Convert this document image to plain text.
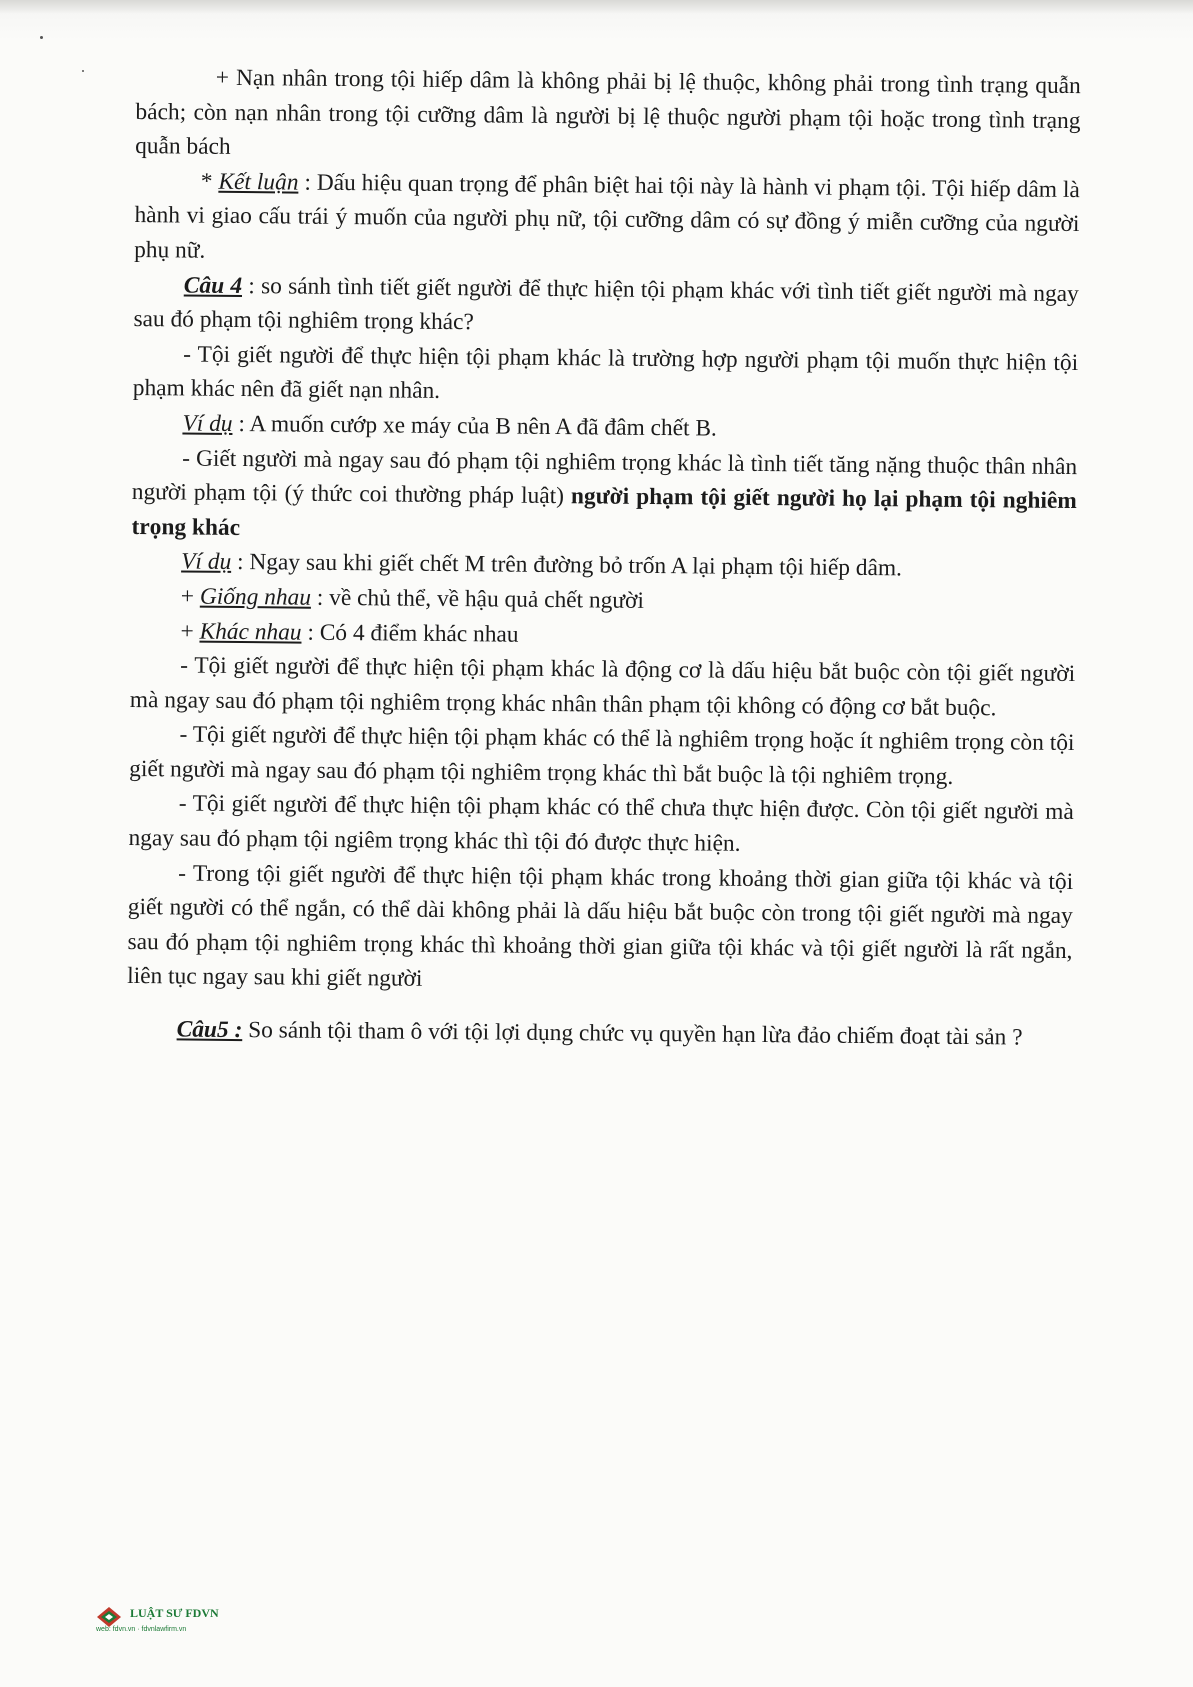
+ Nạn nhân trong tội hiếp dâm là không phải bị lệ thuộc, không phải trong tình trạng quẫn bách; còn nạn nhân trong tội cưỡng dâm là người bị lệ thuộc người phạm tội hoặc trong tình trạng quẫn bách

* Kết luận : Dấu hiệu quan trọng để phân biệt hai tội này là hành vi phạm tội. Tội hiếp dâm là hành vi giao cấu trái ý muốn của người phụ nữ, tội cưỡng dâm có sự đồng ý miễn cưỡng của người phụ nữ.

Câu 4 : so sánh tình tiết giết người để thực hiện tội phạm khác với tình tiết giết người mà ngay sau đó phạm tội nghiêm trọng khác?

- Tội giết người để thực hiện tội phạm khác là trường hợp người phạm tội muốn thực hiện tội phạm khác nên đã giết nạn nhân.

Ví dụ : A muốn cướp xe máy của B nên A đã đâm chết B.

- Giết người mà ngay sau đó phạm tội nghiêm trọng khác là tình tiết tăng nặng thuộc thân nhân người phạm tội (ý thức coi thường pháp luật) người phạm tội giết người họ lại phạm tội nghiêm trọng khác

Ví dụ : Ngay sau khi giết chết M trên đường bỏ trốn A lại phạm tội hiếp dâm.

+ Giống nhau : về chủ thể, về hậu quả chết người

+ Khác nhau : Có 4 điểm khác nhau

- Tội giết người để thực hiện tội phạm khác là động cơ là dấu hiệu bắt buộc còn tội giết người mà ngay sau đó phạm tội nghiêm trọng khác nhân thân phạm tội không có động cơ bắt buộc.

- Tội giết người để thực hiện tội phạm khác có thể là nghiêm trọng hoặc ít nghiêm trọng còn tội giết người mà ngay sau đó phạm tội nghiêm trọng khác thì bắt buộc là tội nghiêm trọng.

- Tội giết người để thực hiện tội phạm khác có thể chưa thực hiện được. Còn tội giết người mà ngay sau đó phạm tội ngiêm trọng khác thì tội đó được thực hiện.

- Trong tội giết người để thực hiện tội phạm khác trong khoảng thời gian giữa tội khác và tội giết người có thể ngắn, có thể dài không phải là dấu hiệu bắt buộc còn trong tội giết người mà ngay sau đó phạm tội nghiêm trọng khác thì khoảng thời gian giữa tội khác và tội giết người là rất ngắn, liên tục ngay sau khi giết người

Câu5 : So sánh tội tham ô với tội lợi dụng chức vụ quyền hạn lừa đảo chiếm đoạt tài sản ?

LUẬT SƯ FDVN
web: fdvn.vn · fdvnlawfirm.vn
